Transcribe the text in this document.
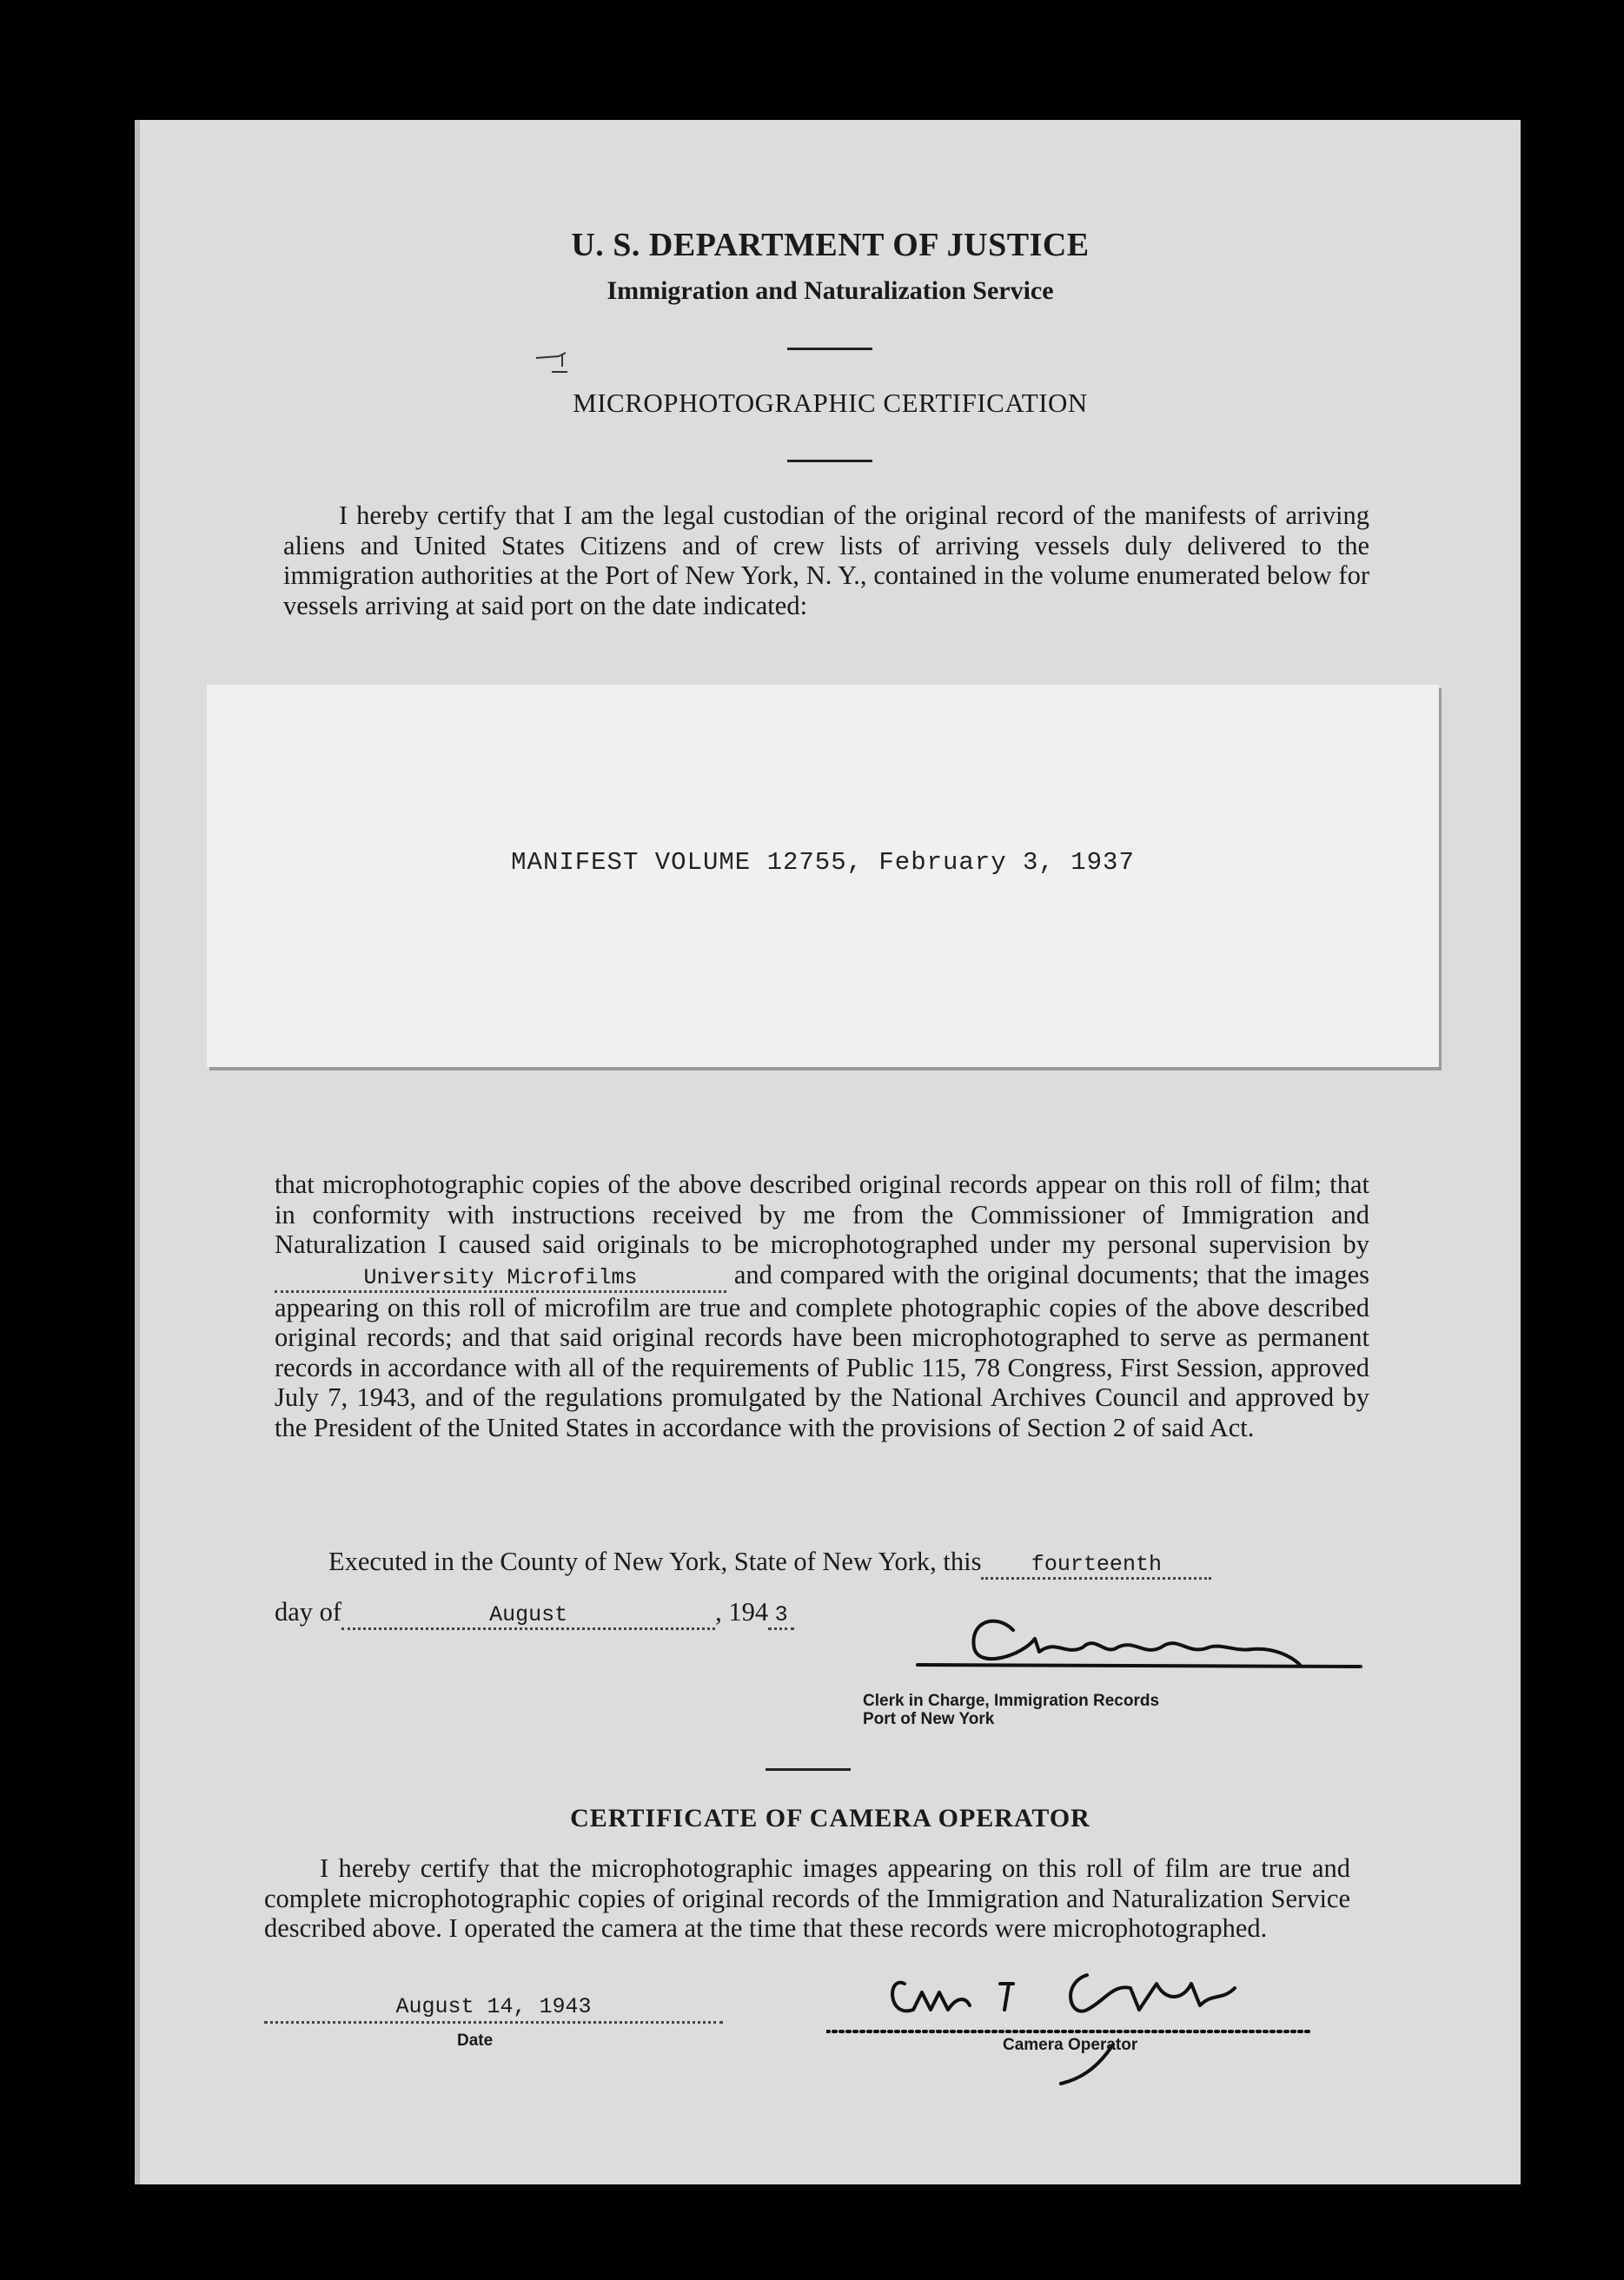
U. S. DEPARTMENT OF JUSTICE
Immigration and Naturalization Service
MICROPHOTOGRAPHIC CERTIFICATION
I hereby certify that I am the legal custodian of the original record of the manifests of arriving aliens and United States Citizens and of crew lists of arriving vessels duly delivered to the immigration authorities at the Port of New York, N. Y., contained in the volume enumerated below for vessels arriving at said port on the date indicated:
MANIFEST VOLUME 12755, February 3, 1937
that microphotographic copies of the above described original records appear on this roll of film; that in conformity with instructions received by me from the Commissioner of Immigration and Naturalization I caused said originals to be microphotographed under my personal supervision by University Microfilms	and compared with the original documents; that the images appearing on this roll of microfilm are true and complete photographic copies of the above described original records; and that said original records have been microphotographed to serve as permanent records in accordance with all of the requirements of Public 115, 78 Congress, First Session, approved July 7, 1943, and of the regulations promulgated by the National Archives Council and approved by the President of the United States in accordance with the provisions of Section 2 of said Act.
Executed in the County of New York, State of New York, this fourteenth
day of	August	, 194 3
Clerk in Charge, Immigration Records
Port of New York
CERTIFICATE OF CAMERA OPERATOR
I hereby certify that the microphotographic images appearing on this roll of film are true and complete microphotographic copies of original records of the Immigration and Naturalization Service described above. I operated the camera at the time that these records were microphotographed.
August 14, 1943
Date	Camera Operator
